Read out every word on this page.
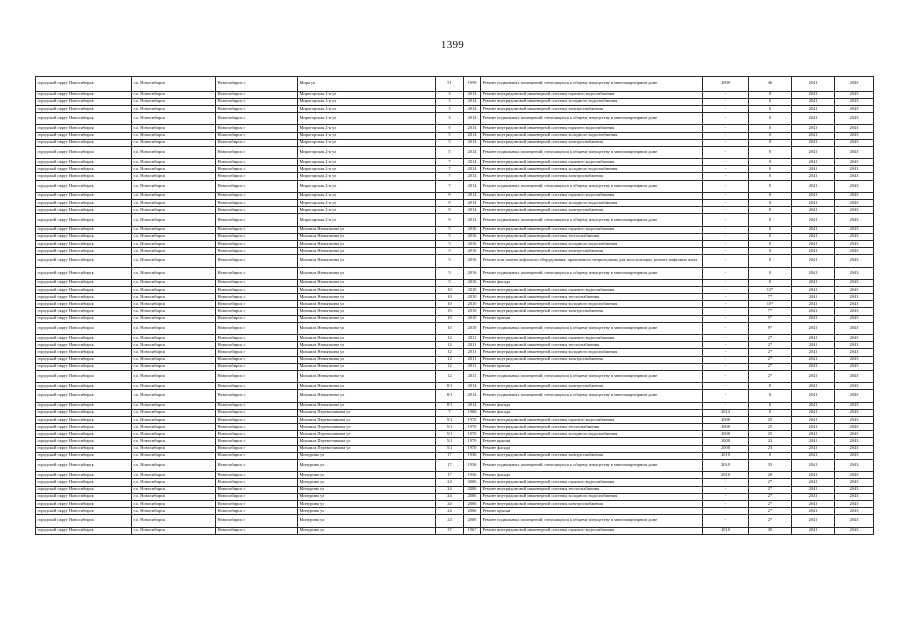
1399
городской округ Новосибирск	г.о. Новосибирск	Новосибирск г	Мира ул	51	1959	Ремонт подвальных помещений, относящихся к общему имуществу в многоквартирном доме	2009	46	2041	2043
городской округ Новосибирск	г.о. Новосибирск	Новосибирск г	Мирогорская 2-я ул	3	2014	Ремонт внутридомовой инженерной системы горячего водоснабжения	-	0	2041	2043
городской округ Новосибирск	г.о. Новосибирск	Новосибирск г	Мирогорская 2-я ул	3	2014	Ремонт внутридомовой инженерной системы холодного водоснабжения	-	0	2041	2043
городской округ Новосибирск	г.о. Новосибирск	Новосибирск г	Мирогорская 2-я ул	3	2014	Ремонт внутридомовой инженерной системы электроснабжения	-	0	2041	2043
городской округ Новосибирск	г.о. Новосибирск	Новосибирск г	Мирогорская 2-я ул	3	2014	Ремонт подвальных помещений, относящихся к общему имуществу в многоквартирном доме	-	0	2041	2043
городской округ Новосибирск	г.о. Новосибирск	Новосибирск г	Мирогорская 2-я ул	5	2014	Ремонт внутридомовой инженерной системы горячего водоснабжения	-	0	2041	2043
городской округ Новосибирск	г.о. Новосибирск	Новосибирск г	Мирогорская 2-я ул	5	2014	Ремонт внутридомовой инженерной системы холодного водоснабжения	-	0	2041	2043
городской округ Новосибирск	г.о. Новосибирск	Новосибирск г	Мирогорская 2-я ул	5	2014	Ремонт внутридомовой инженерной системы электроснабжения	-	0	2041	2043
городской округ Новосибирск	г.о. Новосибирск	Новосибирск г	Мирогорская 2-я ул	5	2014	Ремонт подвальных помещений, относящихся к общему имуществу в многоквартирном доме	-	0	2041	2043
городской округ Новосибирск	г.о. Новосибирск	Новосибирск г	Мирогорская 2-я ул	7	2014	Ремонт внутридомовой инженерной системы горячего водоснабжения	-	0	2041	2043
городской округ Новосибирск	г.о. Новосибирск	Новосибирск г	Мирогорская 2-я ул	7	2014	Ремонт внутридомовой инженерной системы холодного водоснабжения	-	0	2041	2043
городской округ Новосибирск	г.о. Новосибирск	Новосибирск г	Мирогорская 2-я ул	7	2014	Ремонт внутридомовой инженерной системы электроснабжения	-	0	2041	2043
городской округ Новосибирск	г.о. Новосибирск	Новосибирск г	Мирогорская 2-я ул	7	2014	Ремонт подвальных помещений, относящихся к общему имуществу в многоквартирном доме	-	0	2041	2043
городской округ Новосибирск	г.о. Новосибирск	Новосибирск г	Мирогорская 2-я ул	9	2014	Ремонт внутридомовой инженерной системы горячего водоснабжения	-	0	2041	2043
городской округ Новосибирск	г.о. Новосибирск	Новосибирск г	Мирогорская 2-я ул	9	2014	Ремонт внутридомовой инженерной системы холодного водоснабжения	-	0	2041	2043
городской округ Новосибирск	г.о. Новосибирск	Новосибирск г	Мирогорская 2-я ул	9	2014	Ремонт внутридомовой инженерной системы электроснабжения	-	0	2041	2043
городской округ Новосибирск	г.о. Новосибирск	Новосибирск г	Мирогорская 2-я ул	9	2014	Ремонт подвальных помещений, относящихся к общему имуществу в многоквартирном доме	-	0	2041	2043
городской округ Новосибирск	г.о. Новосибирск	Новосибирск г	Михаила Немыткина ул	5	2016	Ремонт внутридомовой инженерной системы горячего водоснабжения	-	0	2041	2043
городской округ Новосибирск	г.о. Новосибирск	Новосибирск г	Михаила Немыткина ул	5	2016	Ремонт внутридомовой инженерной системы теплоснабжения	-	0	2041	2043
городской округ Новосибирск	г.о. Новосибирск	Новосибирск г	Михаила Немыткина ул	5	2016	Ремонт внутридомовой инженерной системы холодного водоснабжения	-	0	2041	2043
городской округ Новосибирск	г.о. Новосибирск	Новосибирск г	Михаила Немыткина ул	5	2016	Ремонт внутридомовой инженерной системы электроснабжения	-	0	2041	2043
городской округ Новосибирск	г.о. Новосибирск	Новосибирск г	Михаила Немыткина ул	5	2016	Ремонт или замена лифтового оборудования, признанного непригодным для эксплуатации, ремонт лифтовых шахт	-	0	2041	2043
городской округ Новосибирск	г.о. Новосибирск	Новосибирск г	Михаила Немыткина ул	5	2016	Ремонт подвальных помещений, относящихся к общему имуществу в многоквартирном доме	-	0	2041	2043
городской округ Новосибирск	г.о. Новосибирск	Новосибирск г	Михаила Немыткина ул	5	2016	Ремонт фасада	-	0	2041	2043
городской округ Новосибирск	г.о. Новосибирск	Новосибирск г	Михаила Немыткина ул	10	2010	Ремонт внутридомовой инженерной системы горячего водоснабжения	-	13*	2041	2043
городской округ Новосибирск	г.о. Новосибирск	Новосибирск г	Михаила Немыткина ул	10	2010	Ремонт внутридомовой инженерной системы теплоснабжения	-	7*	2041	2043
городской округ Новосибирск	г.о. Новосибирск	Новосибирск г	Михаила Немыткина ул	10	2010	Ремонт внутридомовой инженерной системы холодного водоснабжения	-	10*	2041	2043
городской округ Новосибирск	г.о. Новосибирск	Новосибирск г	Михаила Немыткина ул	10	2010	Ремонт внутридомовой инженерной системы электроснабжения	-	7*	2041	2043
городской округ Новосибирск	г.о. Новосибирск	Новосибирск г	Михаила Немыткина ул	10	2010	Ремонт крыши	-	5*	2041	2043
городской округ Новосибирск	г.о. Новосибирск	Новосибирск г	Михаила Немыткина ул	10	2010	Ремонт подвальных помещений, относящихся к общему имуществу в многоквартирном доме	-	9*	2041	2043
городской округ Новосибирск	г.о. Новосибирск	Новосибирск г	Михаила Немыткина ул	12	2011	Ремонт внутридомовой инженерной системы горячего водоснабжения	-	2*	2041	2043
городской округ Новосибирск	г.о. Новосибирск	Новосибирск г	Михаила Немыткина ул	12	2011	Ремонт внутридомовой инженерной системы теплоснабжения	-	2*	2041	2043
городской округ Новосибирск	г.о. Новосибирск	Новосибирск г	Михаила Немыткина ул	12	2011	Ремонт внутридомовой инженерной системы холодного водоснабжения	-	2*	2041	2043
городской округ Новосибирск	г.о. Новосибирск	Новосибирск г	Михаила Немыткина ул	12	2011	Ремонт внутридомовой инженерной системы электроснабжения	-	2*	2041	2043
городской округ Новосибирск	г.о. Новосибирск	Новосибирск г	Михаила Немыткина ул	12	2011	Ремонт крыши	-	2*	2041	2043
городской округ Новосибирск	г.о. Новосибирск	Новосибирск г	Михаила Немыткина ул	12	2011	Ремонт подвальных помещений, относящихся к общему имуществу в многоквартирном доме	-	2*	2041	2043
городской округ Новосибирск	г.о. Новосибирск	Новосибирск г	Михаила Немыткина ул	8/1	2014	Ремонт внутридомовой инженерной системы электроснабжения	-	0	2041	2043
городской округ Новосибирск	г.о. Новосибирск	Новосибирск г	Михаила Немыткина ул	8/1	2014	Ремонт подвальных помещений, относящихся к общему имуществу в многоквартирном доме	-	0	2041	2043
городской округ Новосибирск	г.о. Новосибирск	Новосибирск г	Михаила Немыткина ул	8/1	2014	Ремонт фасада	-	0	2041	2043
городской округ Новосибирск	г.о. Новосибирск	Новосибирск г	Михаила Перевозчикова ул	7	1968	Ремонт фасада	2014	0	2041	2043
городской округ Новосибирск	г.о. Новосибирск	Новосибирск г	Михаила Перевозчикова ул	5/1	1970	Ремонт внутридомовой инженерной системы горячего водоснабжения	2008	25	2041	2043
городской округ Новосибирск	г.о. Новосибирск	Новосибирск г	Михаила Перевозчикова ул	5/1	1970	Ремонт внутридомовой инженерной системы теплоснабжения	2008	25	2041	2043
городской округ Новосибирск	г.о. Новосибирск	Новосибирск г	Михаила Перевозчикова ул	5/1	1970	Ремонт внутридомовой инженерной системы холодного водоснабжения	2008	25	2041	2043
городской округ Новосибирск	г.о. Новосибирск	Новосибирск г	Михаила Перевозчикова ул	5/1	1970	Ремонт крыши	2008	23	2041	2043
городской округ Новосибирск	г.о. Новосибирск	Новосибирск г	Михаила Перевозчикова ул	5/1	1970	Ремонт фасада	2008	23	2041	2043
городской округ Новосибирск	г.о. Новосибирск	Новосибирск г	Мичурина ул	17	1936	Ремонт внутридомовой инженерной системы электроснабжения	2010	0	2041	2043
городской округ Новосибирск	г.о. Новосибирск	Новосибирск г	Мичурина ул	17	1936	Ремонт подвальных помещений, относящихся к общему имуществу в многоквартирном доме	2010	35	2041	2043
городской округ Новосибирск	г.о. Новосибирск	Новосибирск г	Мичурина ул	17	1936	Ремонт фасада	2010	28	2041	2043
городской округ Новосибирск	г.о. Новосибирск	Новосибирск г	Мичурина ул	24	2006	Ремонт внутридомовой инженерной системы горячего водоснабжения	-	2*	2041	2043
городской округ Новосибирск	г.о. Новосибирск	Новосибирск г	Мичурина ул	24	2006	Ремонт внутридомовой инженерной системы теплоснабжения	-	2*	2041	2043
городской округ Новосибирск	г.о. Новосибирск	Новосибирск г	Мичурина ул	24	2006	Ремонт внутридомовой инженерной системы холодного водоснабжения	-	2*	2041	2043
городской округ Новосибирск	г.о. Новосибирск	Новосибирск г	Мичурина ул	24	2006	Ремонт внутридомовой инженерной системы электроснабжения	-	2*	2041	2043
городской округ Новосибирск	г.о. Новосибирск	Новосибирск г	Мичурина ул	24	2006	Ремонт крыши	-	2*	2041	2043
городской округ Новосибирск	г.о. Новосибирск	Новосибирск г	Мичурина ул	24	2006	Ремонт подвальных помещений, относящихся к общему имуществу в многоквартирном доме	-	2*	2041	2043
городской округ Новосибирск	г.о. Новосибирск	Новосибирск г	Мичурина ул	37	1967	Ремонт внутридомовой инженерной системы горячего водоснабжения	2010	30	2041	2043
